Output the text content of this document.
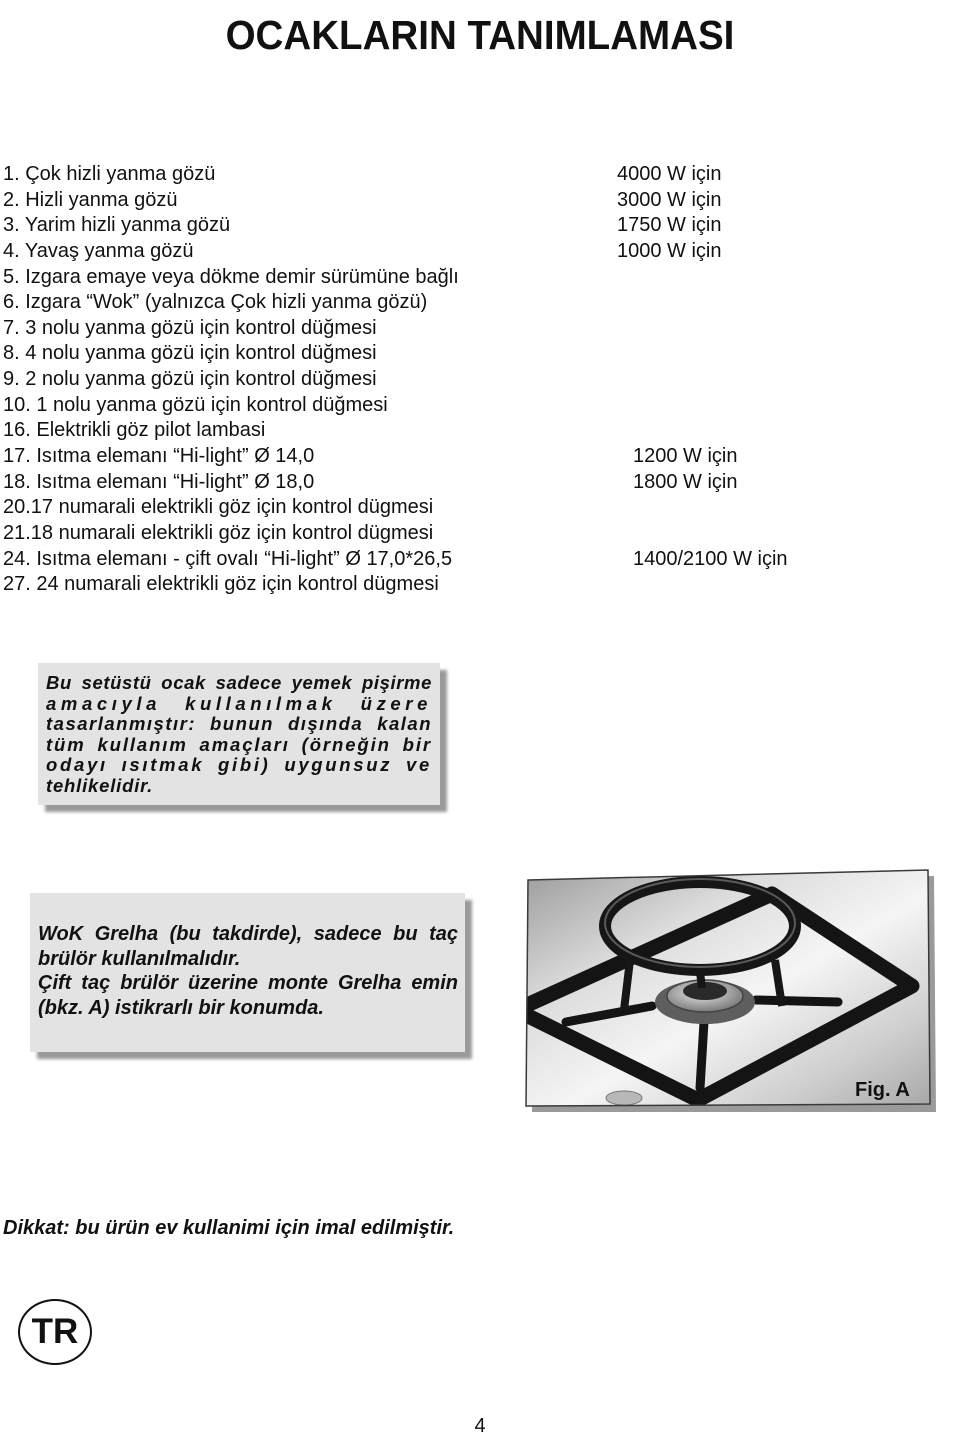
OCAKLARIN TANIMLAMASI
1. Çok hizli yanma gözü	4000 W için
2. Hizli yanma gözü	3000 W için
3. Yarim hizli yanma gözü	1750 W için
4. Yavaş yanma gözü	1000 W için
5. Izgara emaye veya dökme demir sürümüne bağlı
6. Izgara “Wok” (yalnızca Çok hizli yanma gözü)
7. 3 nolu yanma gözü için kontrol düğmesi
8. 4 nolu yanma gözü için kontrol düğmesi
9. 2 nolu yanma gözü için kontrol düğmesi
10. 1 nolu yanma gözü için kontrol düğmesi
16. Elektrikli göz pilot lambasi
17. Isıtma elemanı “Hi-light” Ø 14,0	1200 W için
18. Isıtma elemanı “Hi-light” Ø 18,0	1800 W için
20.17 numarali elektrikli göz için kontrol dügmesi
21.18 numarali elektrikli göz için kontrol dügmesi
24. Isıtma elemanı - çift ovalı “Hi-light” Ø 17,0*26,5	1400/2100 W için
27. 24 numarali elektrikli göz için kontrol dügmesi
Bu setüstü ocak sadece yemek pişirme
amacıyla kullanılmak üzere
tasarlanmıştır: bunun dışında kalan
tüm kullanım amaçları (örneğin bir
odayı ısıtmak gibi) uygunsuz ve
tehlikelidir.
WoK Grelha (bu takdirde), sadece bu taç
brülör kullanılmalıdır.
Çift taç brülör üzerine monte Grelha emin
(bkz. A) istikrarlı bir konumda.
Fig. A
Dikkat: bu ürün ev kullanimi için imal edilmiştir.
TR
4
